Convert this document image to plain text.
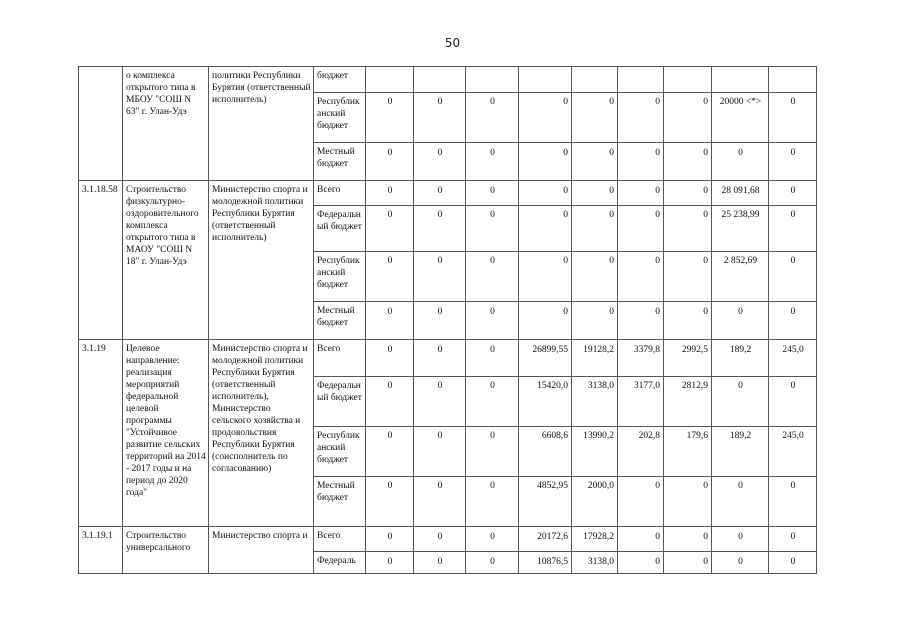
50
	о комплекса открытого типа в МБОУ "СОШ N 63" г. Улан-Удэ	политики Республики Бурятия (ответственный исполнитель)	бюджет									
			Республиканский бюджет	0	0	0	0	0	0	0	20000 <*>	0
			Местный бюджет	0	0	0	0	0	0	0	0	0
3.1.18.58	Строительство физкультурно-оздоровительного комплекса открытого типа в МАОУ "СОШ N 18" г. Улан-Удэ	Министерство спорта и молодежной политики Республики Бурятия (ответственный исполнитель)	Всего	0	0	0	0	0	0	0	28 091,68	0
			Федеральный бюджет	0	0	0	0	0	0	0	25 238,99	0
			Республиканский бюджет	0	0	0	0	0	0	0	2 852,69	0
			Местный бюджет	0	0	0	0	0	0	0	0	0
3.1.19	Целевое направление: реализация мероприятий федеральной целевой программы "Устойчивое развитие сельских территорий на 2014 - 2017 годы и на период до 2020 года"	Министерство спорта и молодежной политики Республики Бурятия (ответственный исполнитель), Министерство сельского хозяйства и продовольствия Республики Бурятия (соисполнитель по согласованию)	Всего	0	0	0	26899,55	19128,2	3379,8	2992,5	189,2	245,0
			Федеральный бюджет	0	0	0	15420,0	3138,0	3177,0	2812,9	0	0
			Республиканский бюджет	0	0	0	6608,6	13990,2	202,8	179,6	189,2	245,0
			Местный бюджет	0	0	0	4852,95	2000,0	0	0	0	0
3.1.19.1	Строительство универсального	Министерство спорта и	Всего	0	0	0	20172,6	17928,2	0	0	0	0
			Федераль	0	0	0	10876,5	3138,0	0	0	0	0
